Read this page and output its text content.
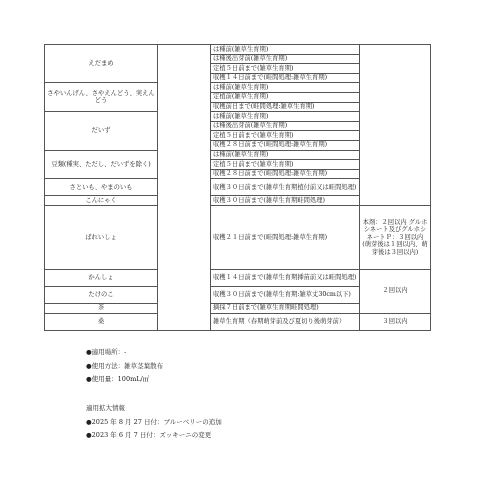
えだまめ		は種前(雑草生育期)	
		は種後出芽前(雑草生育期)	
		定植５日前まで(雑草生育期)	
		収穫１４日前まで(畦間処理:雑草生育期)	
さやいんげん、さやえんどう、実えんどう		は種前(雑草生育期)	
		定植前(雑草生育期)	
		収穫前日まで(畦間処理:雑草生育期)	
だいず		は種前(雑草生育期)	
		は種後出芽前(雑草生育期)	
		定植５日前まで(雑草生育期)	
		収穫２８日前まで(畦間処理:雑草生育期)	
豆類(種実、ただし、だいずを除く)		は種前(雑草生育期)	
		定植５日前まで(雑草生育期)	
		収穫２８日前まで(畦間処理:雑草生育期)	
さといも、やまのいも		収穫３０日前まで(雑草生育期植付前又は畦間処理)	
こんにゃく		収穫３０日前まで(雑草生育期畦間処理)	
ばれいしょ		収穫２１日前まで(畦間処理:雑草生育期)	本剤：２回以内 グルホシネート及びグルホシネートＰ：３回以内 (萌芽後は１回以内、萌芽後は３回以内)
かんしょ		収穫１４日前まで(雑草生育期挿苗前又は畦間処理)	２回以内
たけのこ		収穫３０日前まで(雑草生育期:雑草丈30cm以下)	
茶		摘採７日前まで(雑草生育期畦間処理)	
桑		雑草生育期（春期萌芽前及び夏切り後萌芽前）	３回以内

●適用場所：-

●使用方法：雑草茎葉散布

●使用量：100mL/㎡

適用拡大情報

●2025 年 8 月 27 日付：ブルーベリーの追加

●2023 年 6 月 7 日付：ズッキーニの変更
